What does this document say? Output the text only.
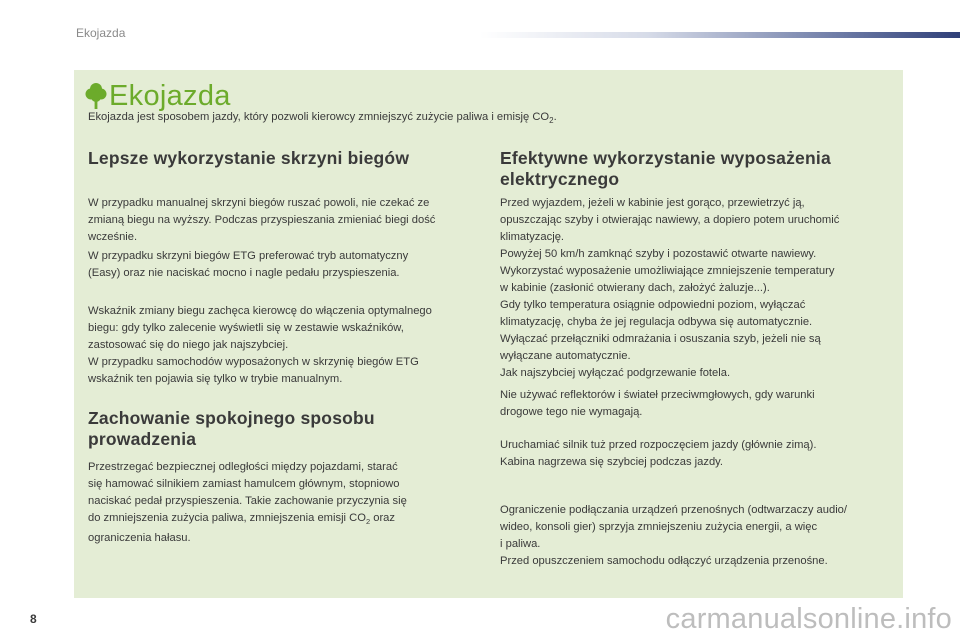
Ekojazda
Ekojazda
Ekojazda jest sposobem jazdy, który pozwoli kierowcy zmniejszyć zużycie paliwa i emisję $CO_2$.
Lepsze wykorzystanie skrzyni biegów

W przypadku manualnej skrzyni biegów ruszać powoli, nie czekać ze
zmianą biegu na wyższy. Podczas przyspieszania zmieniać biegi dość
wcześnie.

W przypadku skrzyni biegów ETG preferować tryb automatyczny
(Easy) oraz nie naciskać mocno i nagle pedału przyspieszenia.

Wskaźnik zmiany biegu zachęca kierowcę do włączenia optymalnego
biegu: gdy tylko zalecenie wyświetli się w zestawie wskaźników,
zastosować się do niego jak najszybciej.
W przypadku samochodów wyposażonych w skrzynię biegów ETG
wskaźnik ten pojawia się tylko w trybie manualnym.

Zachowanie spokojnego sposobu
prowadzenia

Przestrzegać bezpiecznej odległości między pojazdami, starać
się hamować silnikiem zamiast hamulcem głównym, stopniowo
naciskać pedał przyspieszenia. Takie zachowanie przyczynia się
do zmniejszenia zużycia paliwa, zmniejszenia emisji $CO_2$ oraz
ograniczenia hałasu.

Efektywne wykorzystanie wyposażenia
elektrycznego

Przed wyjazdem, jeżeli w kabinie jest gorąco, przewietrzyć ją,
opuszczając szyby i otwierając nawiewy, a dopiero potem uruchomić
klimatyzację.
Powyżej 50 km/h zamknąć szyby i pozostawić otwarte nawiewy.
Wykorzystać wyposażenie umożliwiające zmniejszenie temperatury
w kabinie (zasłonić otwierany dach, założyć żaluzje...).
Gdy tylko temperatura osiągnie odpowiedni poziom, wyłączać
klimatyzację, chyba że jej regulacja odbywa się automatycznie.
Wyłączać przełączniki odmrażania i osuszania szyb, jeżeli nie są
wyłączane automatycznie.
Jak najszybciej wyłączać podgrzewanie fotela.

Nie używać reflektorów i świateł przeciwmgłowych, gdy warunki
drogowe tego nie wymagają.

Uruchamiać silnik tuż przed rozpoczęciem jazdy (głównie zimą).
Kabina nagrzewa się szybciej podczas jazdy.

Ograniczenie podłączania urządzeń przenośnych (odtwarzaczy audio/
wideo, konsoli gier) sprzyja zmniejszeniu zużycia energii, a więc
i paliwa.
Przed opuszczeniem samochodu odłączyć urządzenia przenośne.

8	carmanualsonline.info
